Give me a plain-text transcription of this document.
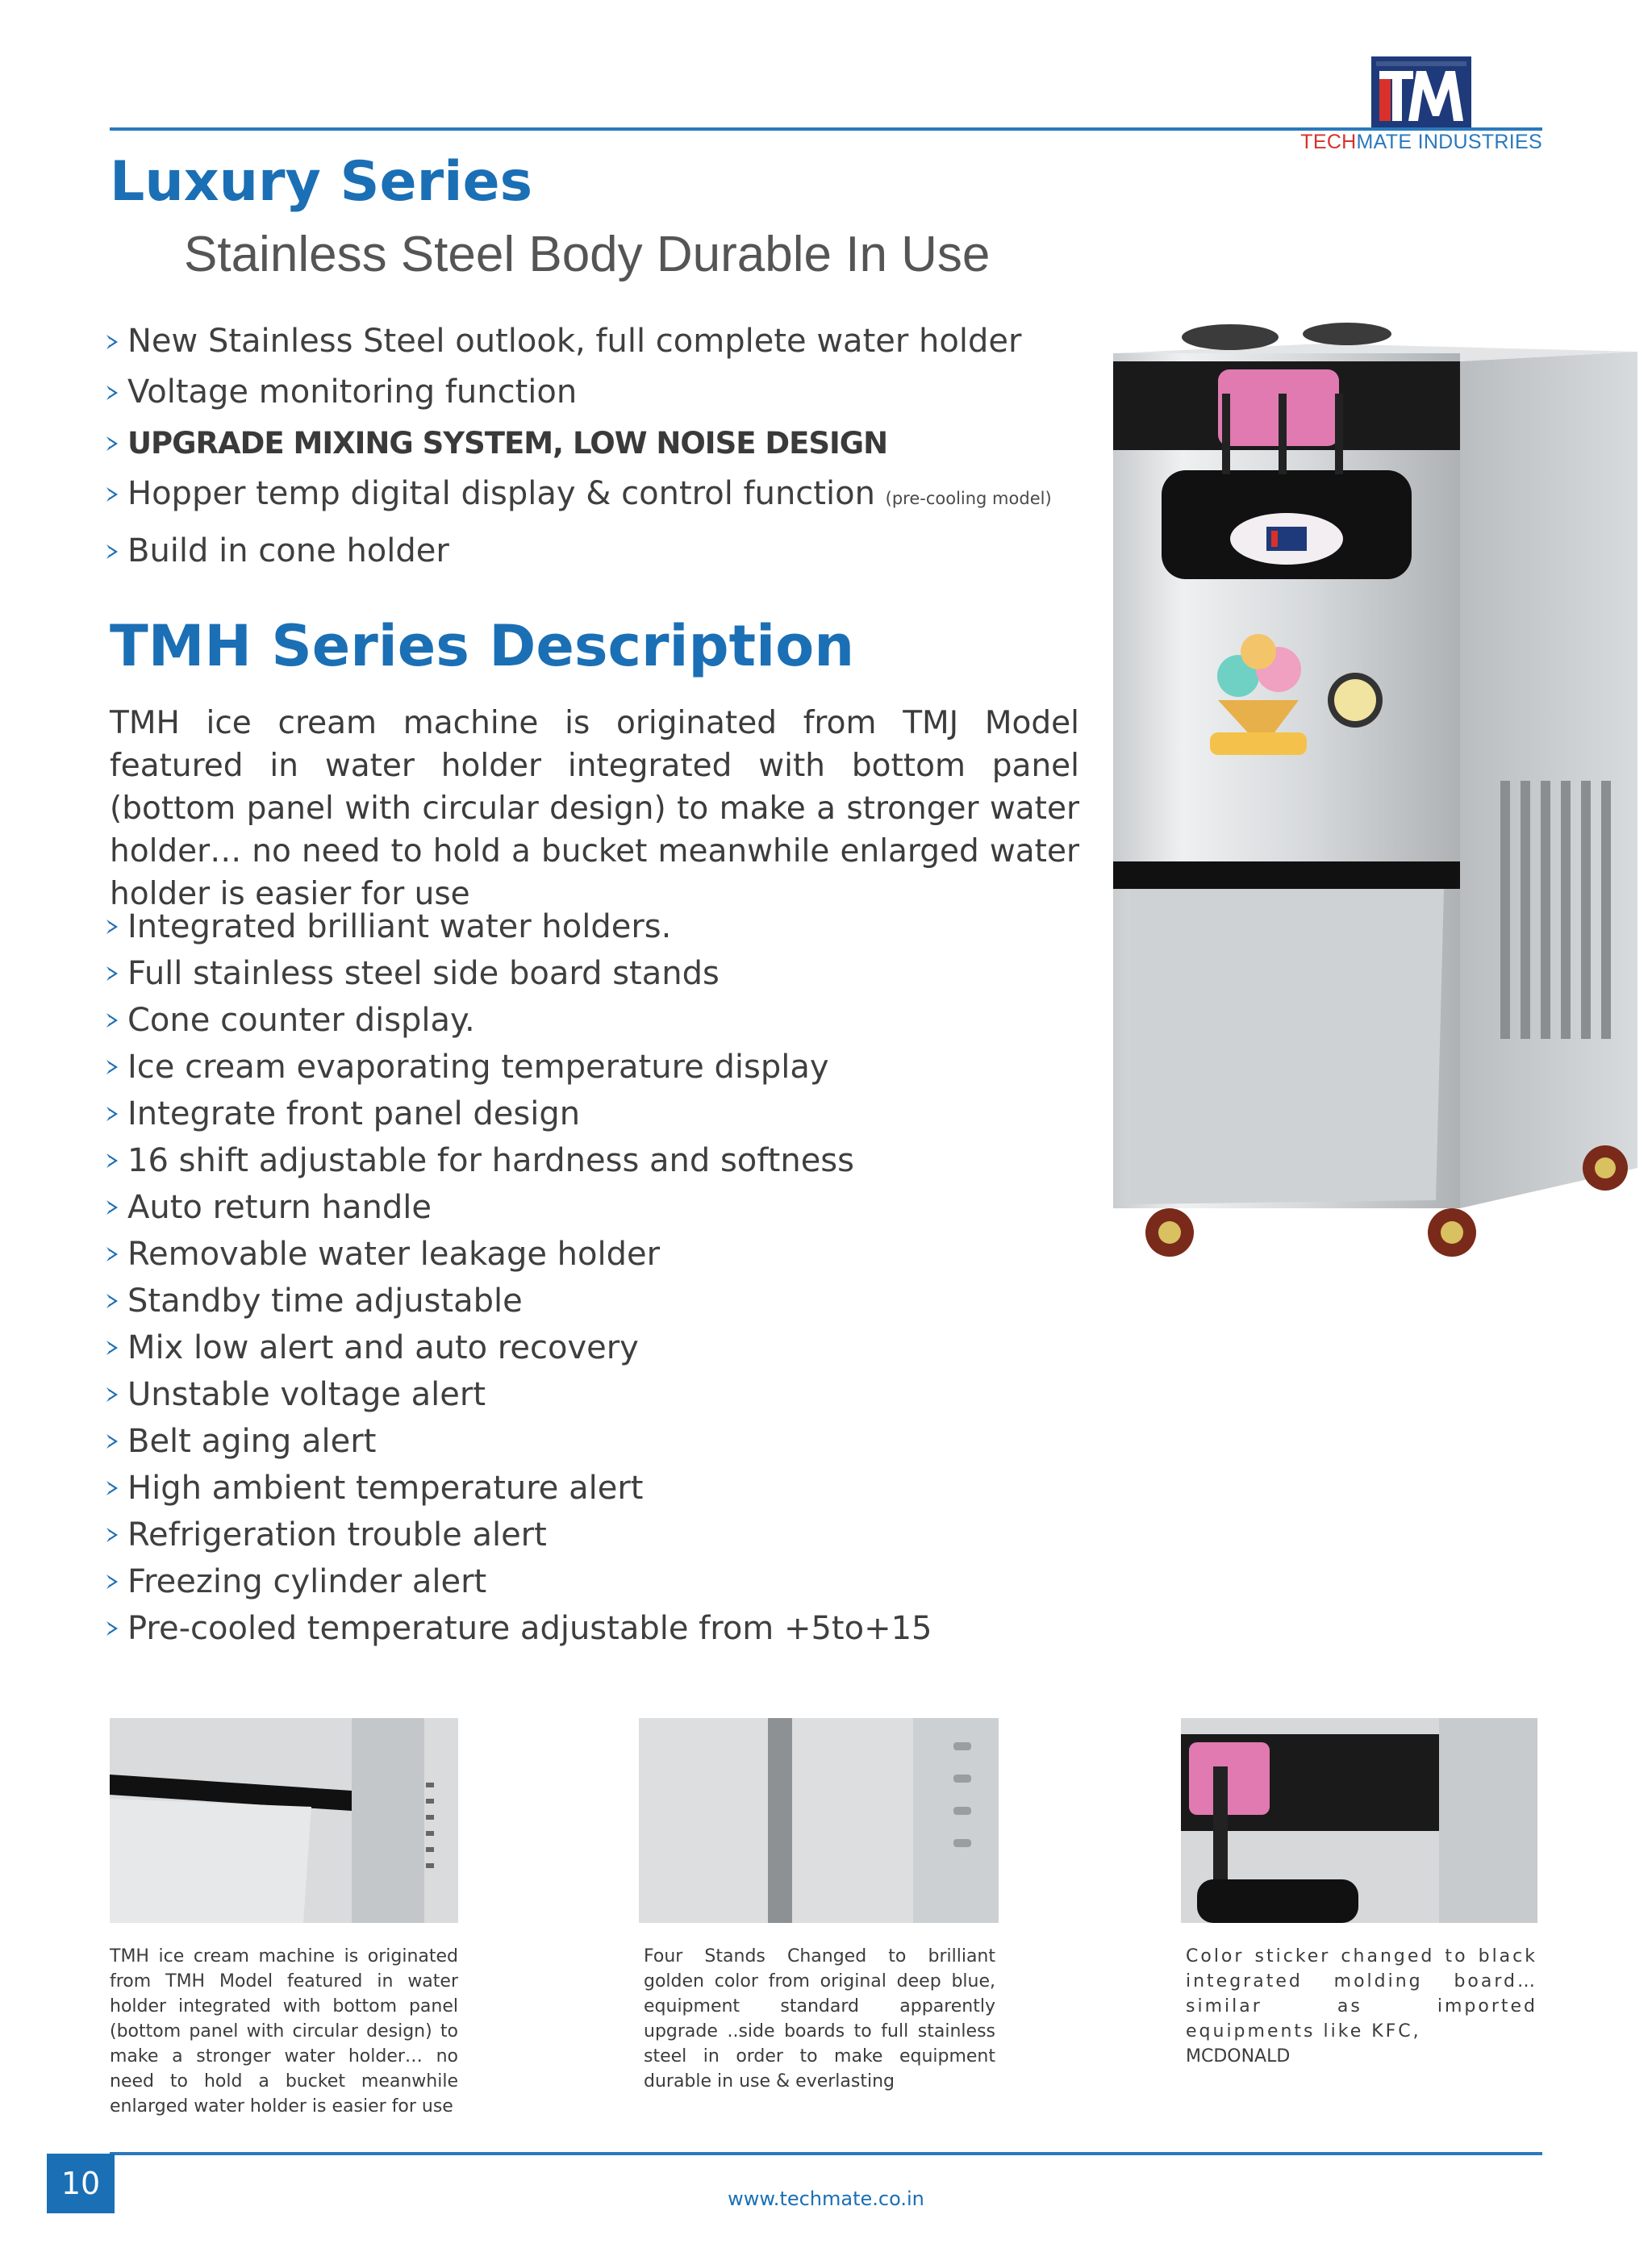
TECHMATE INDUSTRIES
Luxury Series
Stainless Steel Body Durable In Use
New Stainless Steel outlook, full complete water holder
Voltage monitoring function
UPGRADE MIXING SYSTEM, LOW NOISE DESIGN
Hopper temp digital display & control function (pre-cooling model)
Build in cone holder
TMH Series Description
TMH ice cream machine is originated from TMJ Model featured in water holder integrated with bottom panel (bottom panel with circular design) to make a stronger water holder… no need to hold a bucket meanwhile enlarged water holder is easier for use
Integrated brilliant water holders.
Full stainless steel side board stands
Cone counter display.
Ice cream evaporating temperature display
Integrate front panel design
16 shift adjustable for hardness and softness
Auto return handle
Removable water leakage holder
Standby time adjustable
Mix low alert and auto recovery
Unstable voltage alert
Belt aging alert
High ambient temperature alert
Refrigeration trouble alert
Freezing cylinder alert
Pre-cooled temperature adjustable from +5to+15
TMH ice cream machine is originated from TMH Model featured in water holder integrated with bottom panel (bottom panel with circular design) to make a stronger water holder… no need to hold a bucket meanwhile enlarged water holder is easier for use
Four Stands Changed to brilliant golden color from original deep blue, equipment standard apparently upgrade ..side boards to full stainless steel in order to make equipment durable in use & everlasting
Color sticker changed to black integrated molding board… similar as imported equipments like KFC,
MCDONALD
10	www.techmate.co.in
